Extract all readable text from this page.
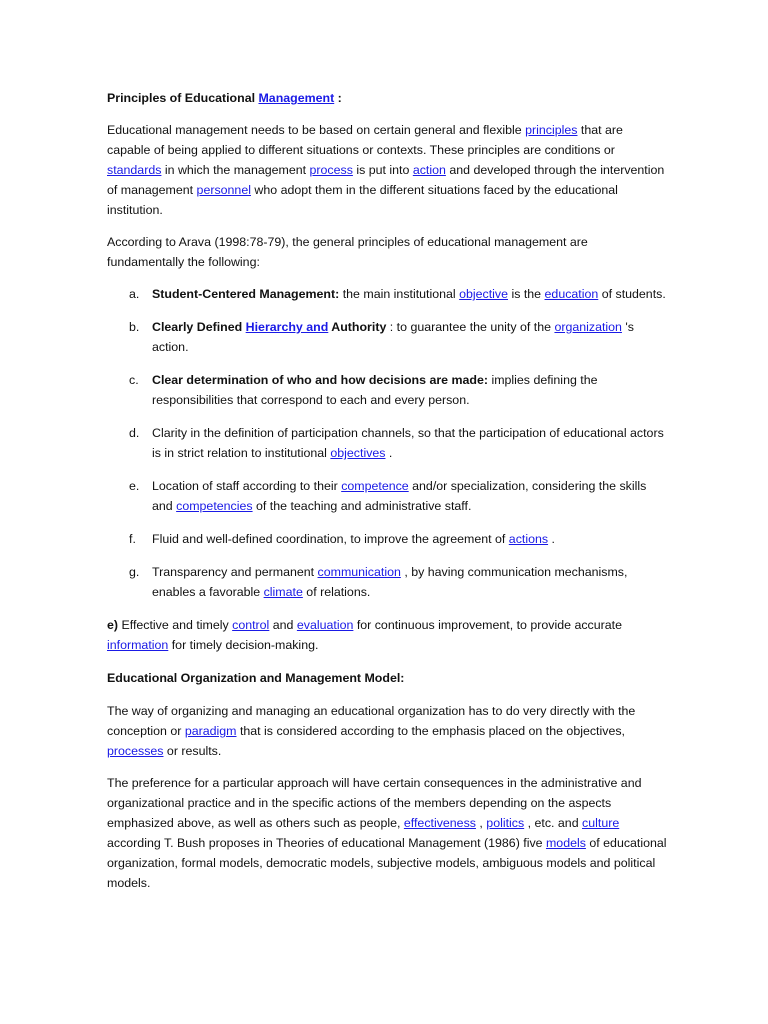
Principles of Educational Management :

Educational management needs to be based on certain general and flexible principles that are capable of being applied to different situations or contexts. These principles are conditions or standards in which the management process is put into action and developed through the intervention of management personnel who adopt them in the different situations faced by the educational institution.

According to Arava (1998:78-79), the general principles of educational management are fundamentally the following:

a. Student-Centered Management: the main institutional objective is the education of students.
b. Clearly Defined Hierarchy and Authority : to guarantee the unity of the organization 's action.
c. Clear determination of who and how decisions are made: implies defining the responsibilities that correspond to each and every person.
d. Clarity in the definition of participation channels, so that the participation of educational actors is in strict relation to institutional objectives .
e. Location of staff according to their competence and/or specialization, considering the skills and competencies of the teaching and administrative staff.
f. Fluid and well-defined coordination, to improve the agreement of actions .
g. Transparency and permanent communication , by having communication mechanisms, enables a favorable climate of relations.

e) Effective and timely control and evaluation for continuous improvement, to provide accurate information for timely decision-making.

Educational Organization and Management Model:

The way of organizing and managing an educational organization has to do very directly with the conception or paradigm that is considered according to the emphasis placed on the objectives, processes or results.

The preference for a particular approach will have certain consequences in the administrative and organizational practice and in the specific actions of the members depending on the aspects emphasized above, as well as others such as people, effectiveness , politics , etc. and culture
according T. Bush proposes in Theories of educational Management (1986) five models of educational organization, formal models, democratic models, subjective models, ambiguous models and political models.
